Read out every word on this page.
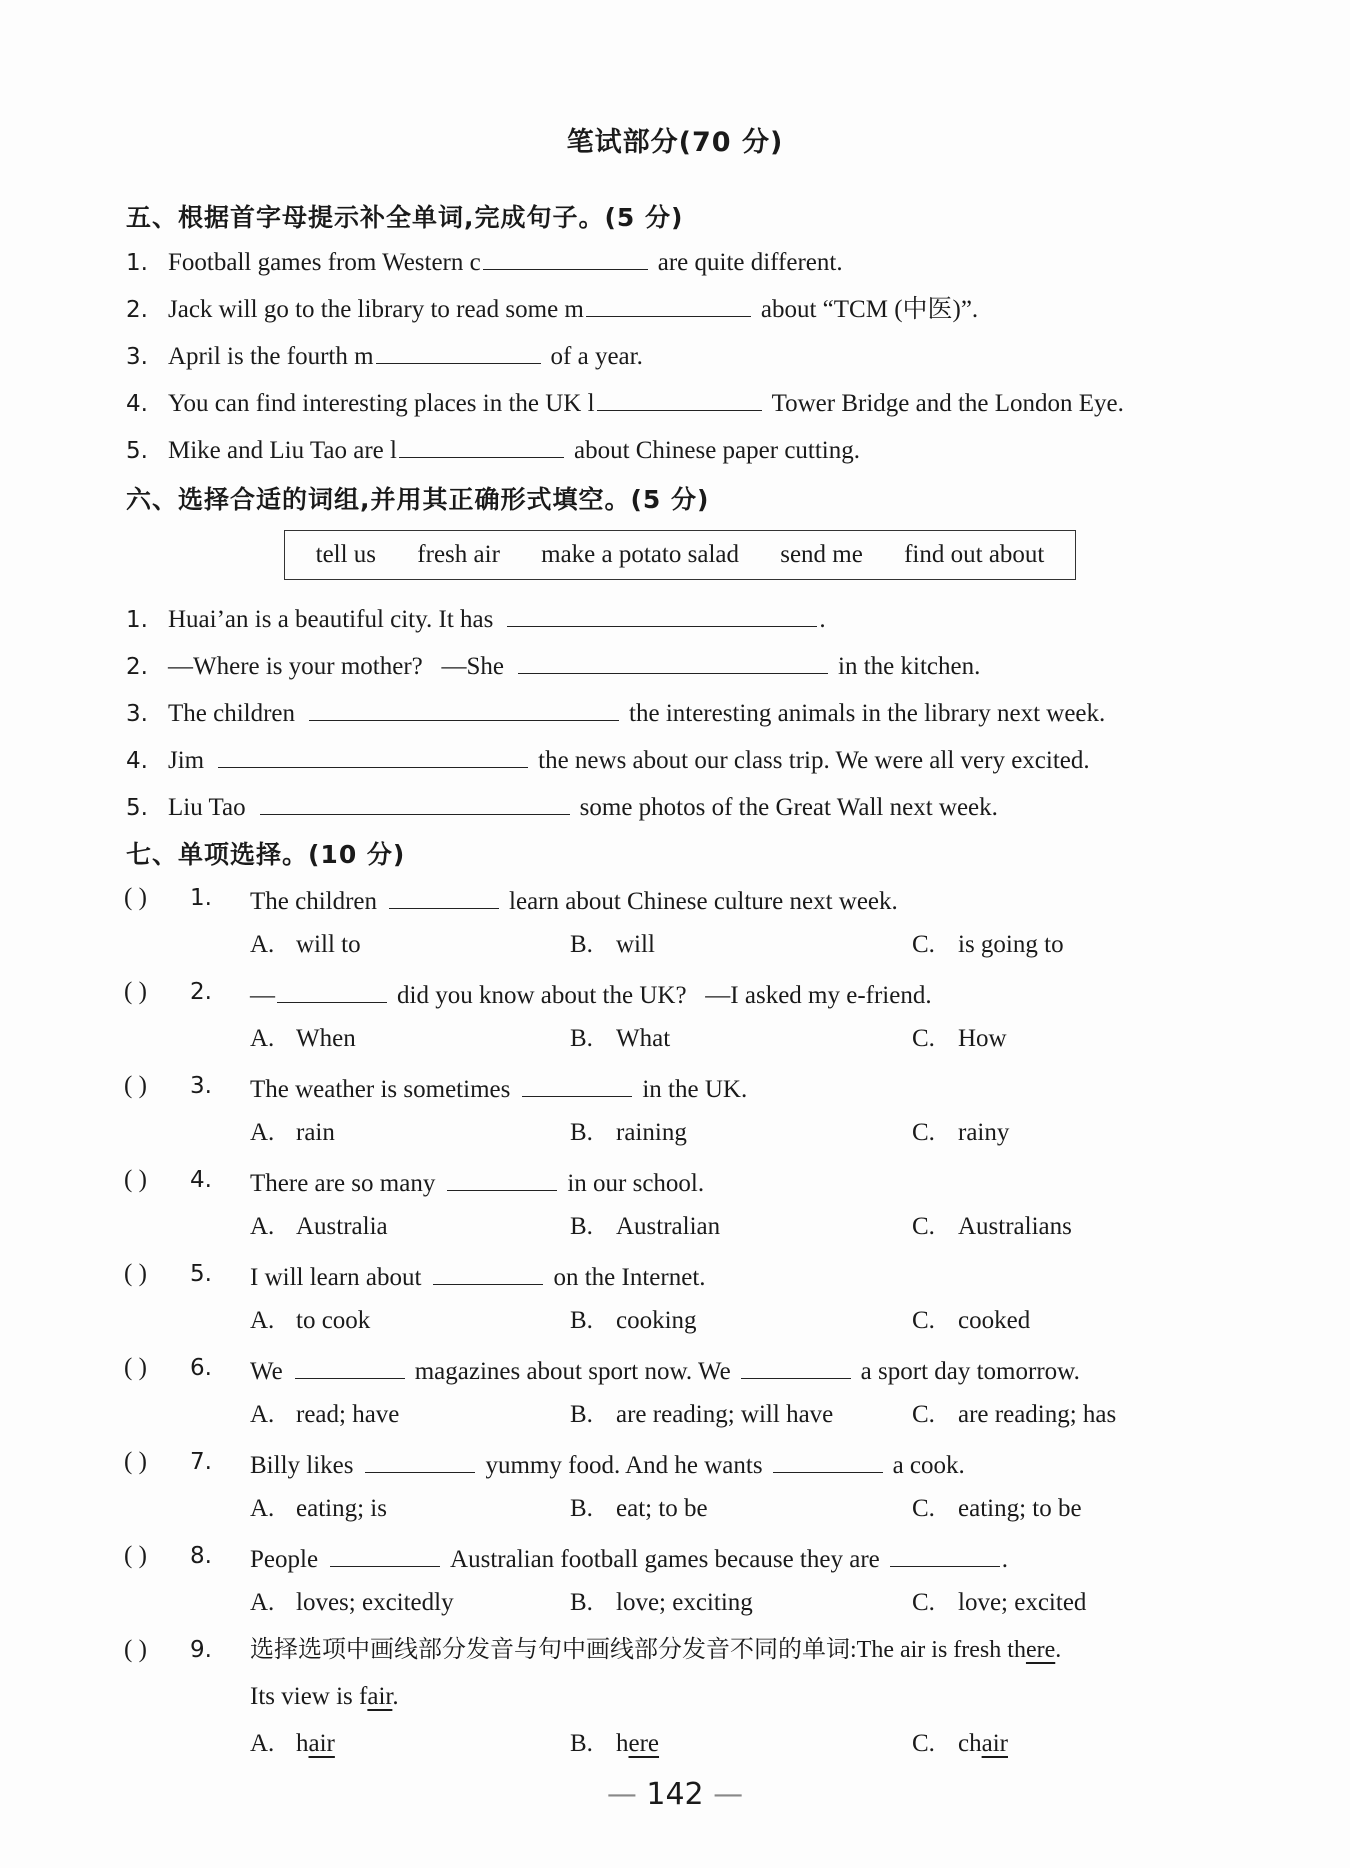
笔试部分(70 分)
五、根据首字母提示补全单词,完成句子。(5 分)
1. Football games from Western c	are quite different.
2. Jack will go to the library to read some m	about “TCM (中医)”.
3. April is the fourth m	of a year.
4. You can find interesting places in the UK l	Tower Bridge and the London Eye.
5. Mike and Liu Tao are l	about Chinese paper cutting.
六、选择合适的词组,并用其正确形式填空。(5 分)
tell us fresh air make a potato salad send me find out about
1. Huai’an is a beautiful city. It has	.
2. —Where is your mother?   —She	in the kitchen.
3. The children	the interesting animals in the library next week.
4. Jim	the news about our class trip. We were all very excited.
5. Liu Tao	some photos of the Great Wall next week.
七、单项选择。(10 分)
( ) 1. The children	learn about Chinese culture next week.
A. will to	B. will	C. is going to
( ) 2. —	did you know about the UK?   —I asked my e-friend.
A. When	B. What	C. How
( ) 3. The weather is sometimes	in the UK.
A. rain	B. raining	C. rainy
( ) 4. There are so many	in our school.
A. Australia	B. Australian	C. Australians
( ) 5. I will learn about	on the Internet.
A. to cook	B. cooking	C. cooked
( ) 6. We	magazines about sport now. We	a sport day tomorrow.
A. read; have	B. are reading; will have	C. are reading; has
( ) 7. Billy likes	yummy food. And he wants	a cook.
A. eating; is	B. eat; to be	C. eating; to be
( ) 8. People	Australian football games because they are	.
A. loves; excitedly	B. love; exciting	C. love; excited
( ) 9. 选择选项中画线部分发音与句中画线部分发音不同的单词:The air is fresh there.
Its view is fair.
A. hair	B. here	C. chair
— 142 —
